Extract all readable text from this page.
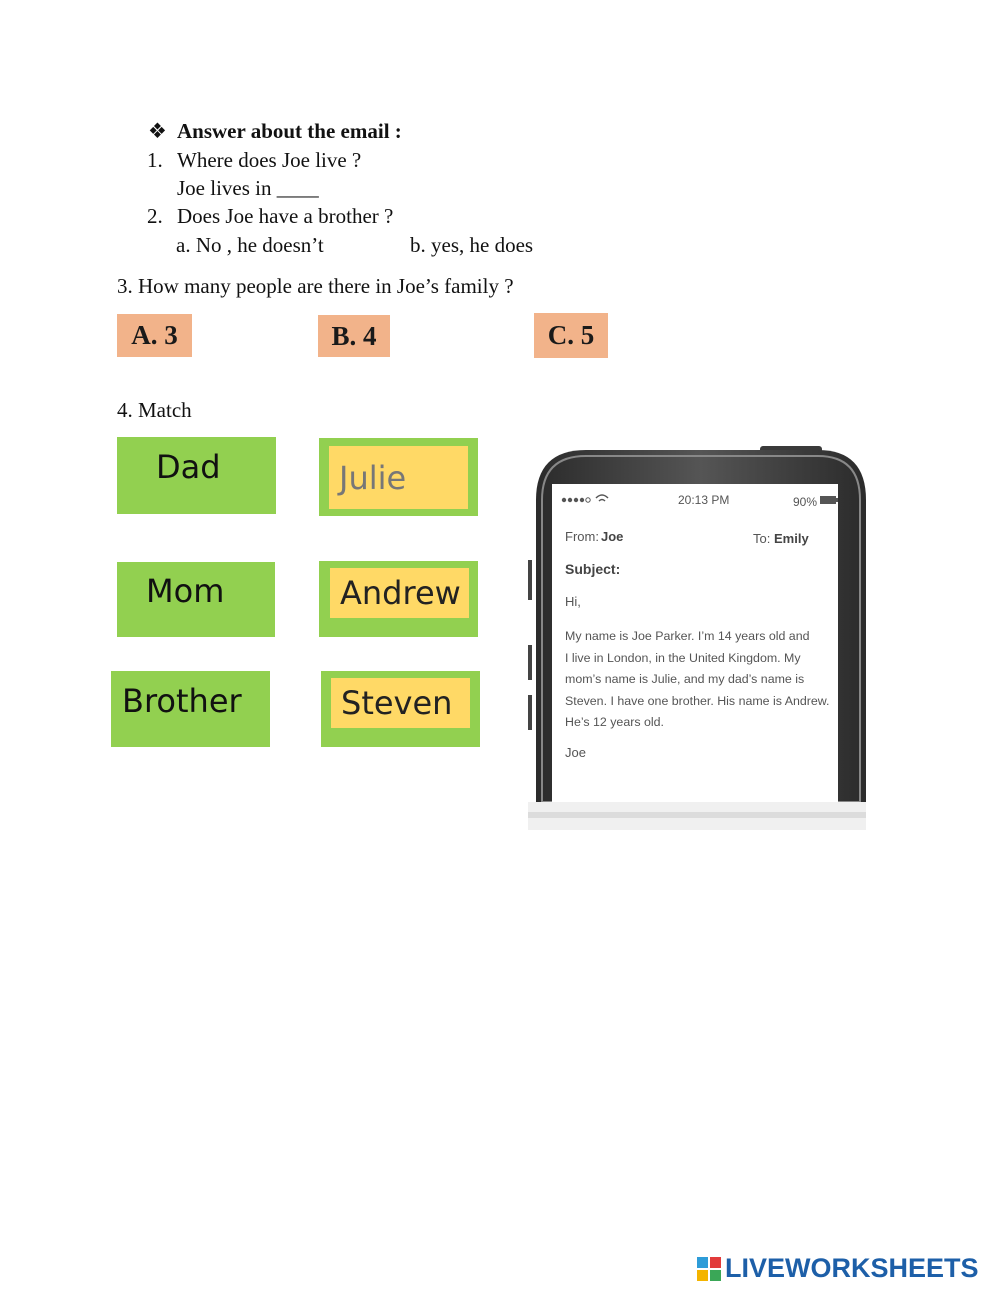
❖ Answer about the email :
1. Where does Joe live ?
Joe lives in ____
2. Does Joe have a brother ?
a. No , he doesn’t	b. yes, he does
3. How many people are there in Joe’s family ?
A. 3	B. 4	C. 5
4. Match
Dad
Mom
Brother
Julie
Andrew
Steven
20:13 PM	90%
From: Joe	To: Emily
Subject:
Hi,
My name is Joe Parker. I’m 14 years old and
I live in London, in the United Kingdom. My
mom’s name is Julie, and my dad’s name is
Steven. I have one brother. His name is Andrew.
He’s 12 years old.
Joe
LIVEWORKSHEETS
